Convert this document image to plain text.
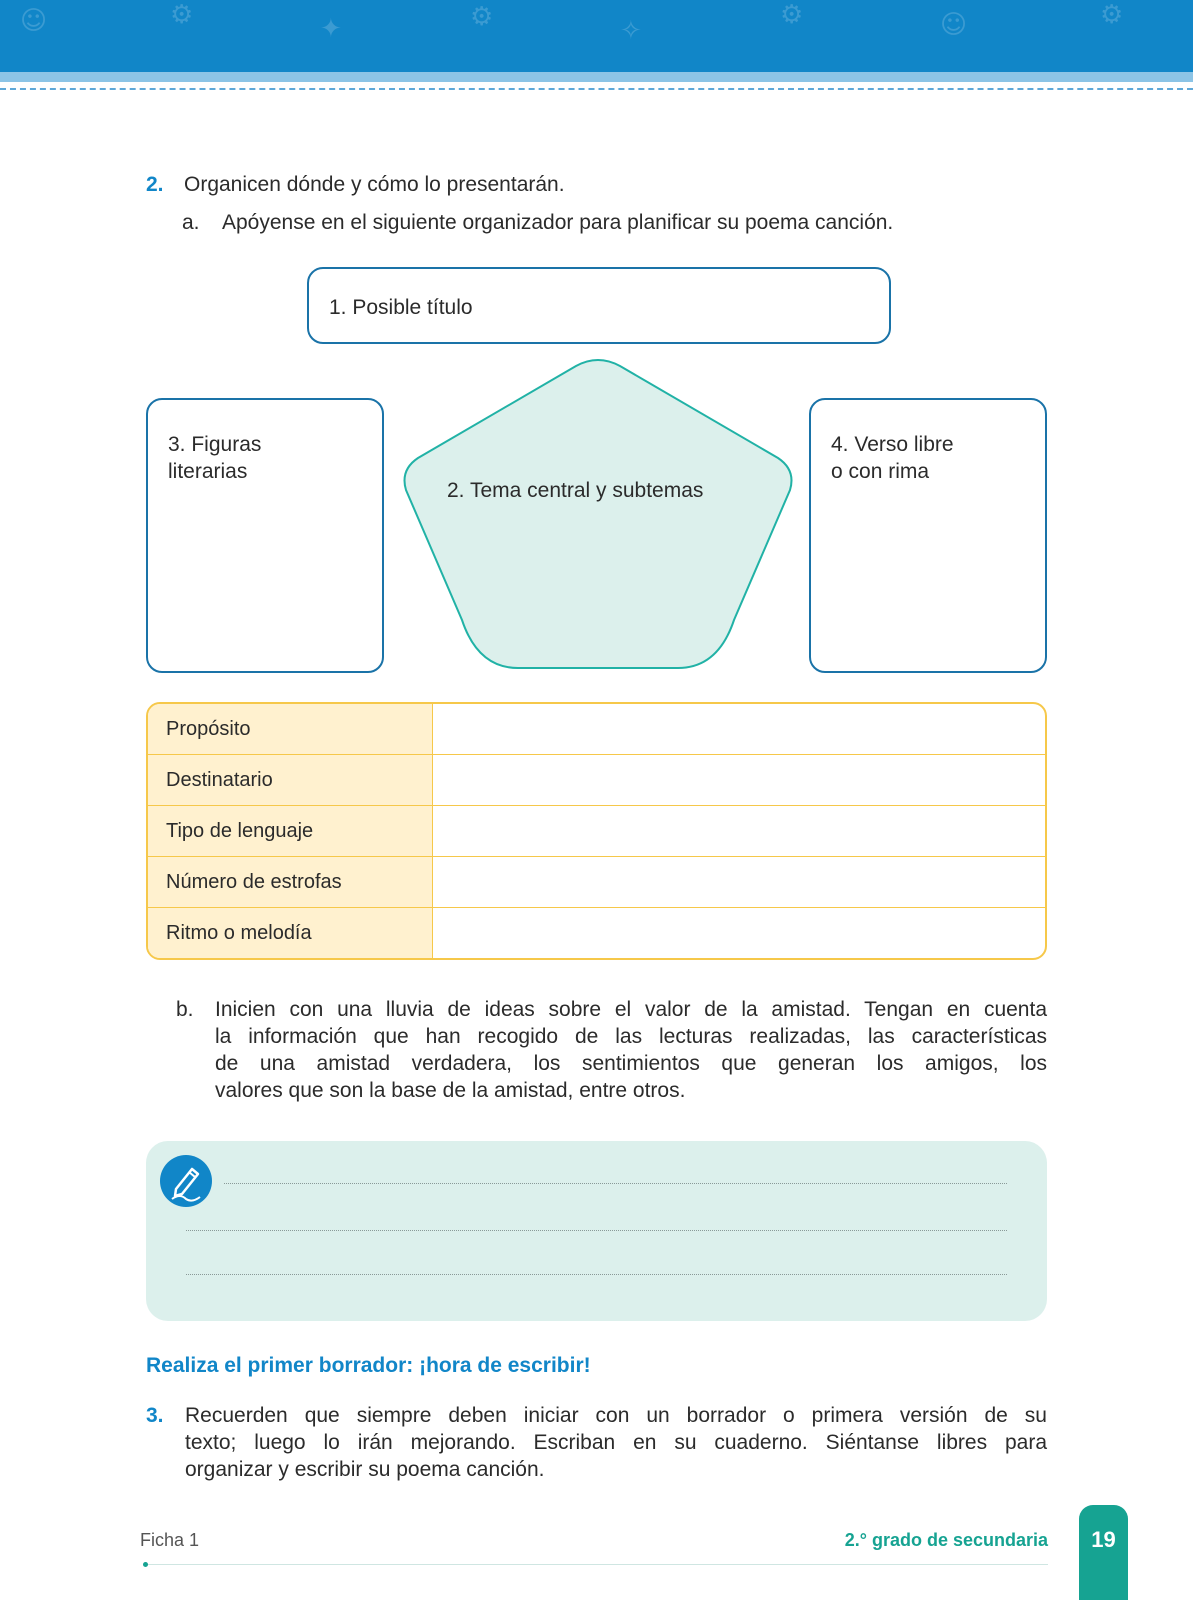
☺	⚙	✦	⚙	✧
⚙	☺	⚙
2. Organicen dónde y cómo lo presentarán.
a. Apóyense en el siguiente organizador para planificar su poema canción.
1. Posible título
3. Figuras
literarias
4. Verso libre
o con rima
2. Tema central y subtemas
Propósito
Destinatario
Tipo de lenguaje
Número de estrofas
Ritmo o melodía
b. Inicien con una lluvia de ideas sobre el valor de la amistad. Tengan en cuenta
la información que han recogido de las lecturas realizadas, las características
de una amistad verdadera, los sentimientos que generan los amigos, los
valores que son la base de la amistad, entre otros.
Realiza el primer borrador: ¡hora de escribir!
3. Recuerden que siempre deben iniciar con un borrador o primera versión de su
texto; luego lo irán mejorando. Escriban en su cuaderno. Siéntanse libres para
organizar y escribir su poema canción.
Ficha 1	2.° grado de secundaria	19
